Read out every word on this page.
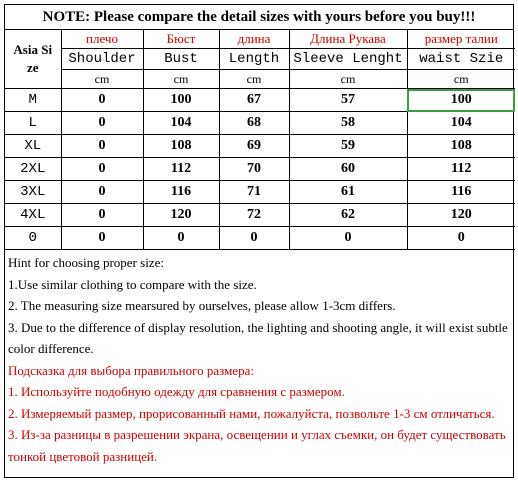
NOTE: Please compare the detail sizes with yours before you buy!!!
Asia Si
ze	плечо	Бюст	длина	Длина Рукава	размер талии
	Shoulder	Bust	Length	Sleeve Lenght	waist Szie
	cm	cm	cm	cm	cm
M	0	100	67	57	100
L	0	104	68	58	104
XL	0	108	69	59	108
2XL	0	112	70	60	112
3XL	0	116	71	61	116
4XL	0	120	72	62	120
0	0	0	0	0	0
Hint for choosing proper size:
1.Use similar clothing to compare with the size.
2. The measuring size mearsured by ourselves, please allow 1-3cm differs.
3. Due to the difference of display resolution, the lighting and shooting angle, it will exist subtle color difference.
Подсказка для выбора правильного размера:
1. Используйте подобную одежду для сравнения с размером.
2. Измеряемый размер, прорисованный нами, пожалуйста, позвольте 1-3 см отличаться.
3. Из-за разницы в разрешении экрана, освещении и углах съемки, он будет существовать тонкой цветовой разницей.
